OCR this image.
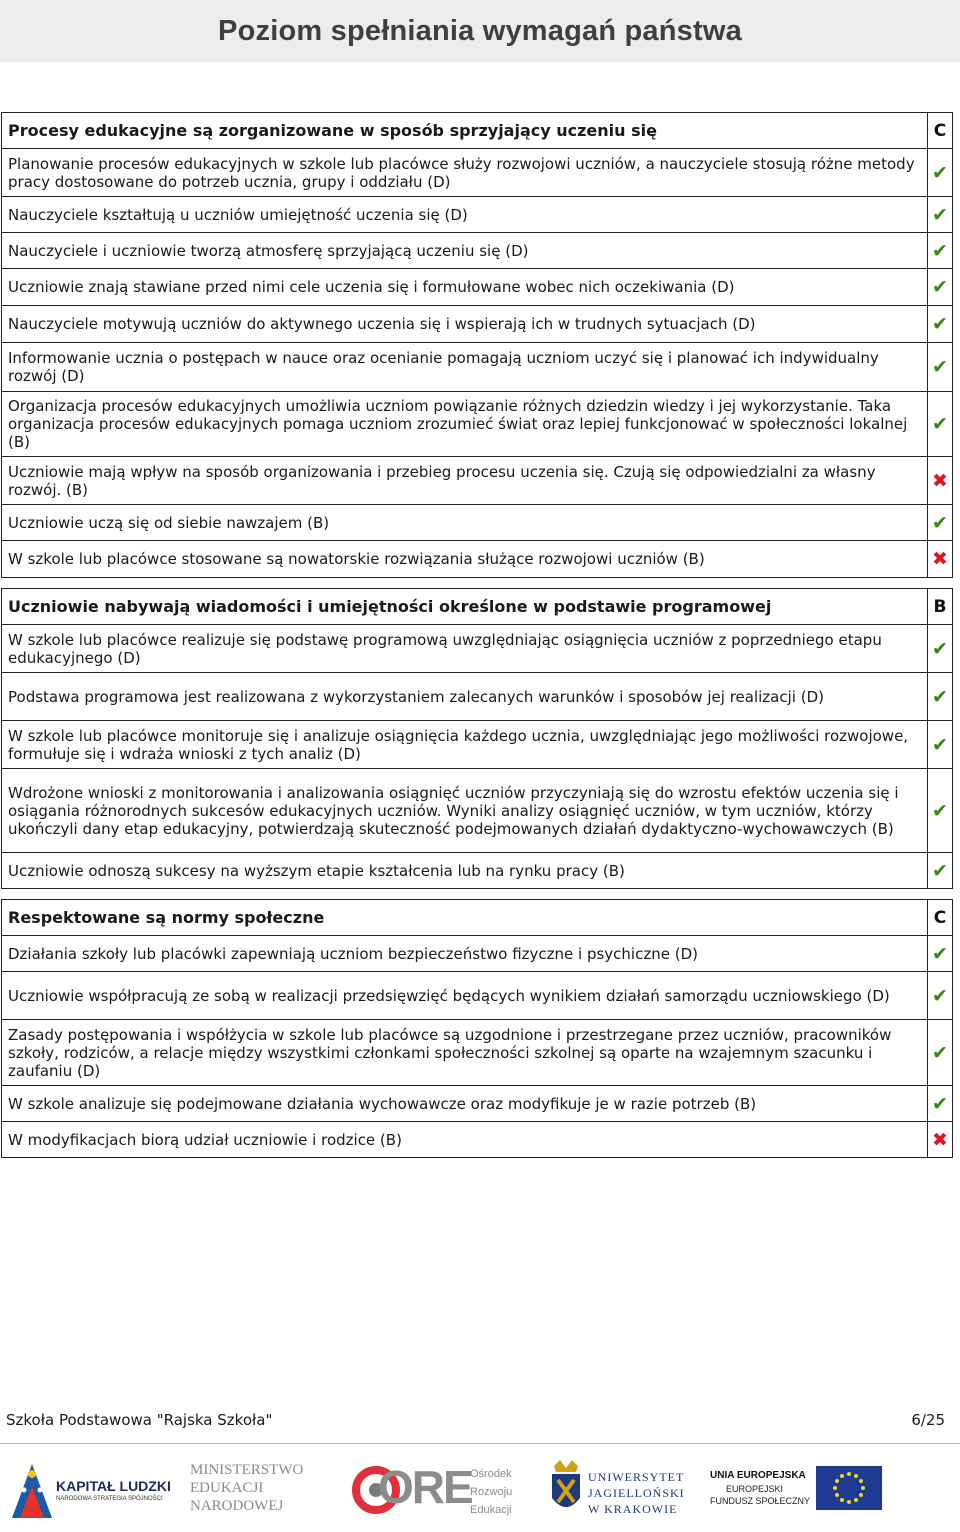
Poziom spełniania wymagań państwa
Procesy edukacyjne są zorganizowane w sposób sprzyjający uczeniu się	C
Planowanie procesów edukacyjnych w szkole lub placówce służy rozwojowi uczniów, a nauczyciele stosują różne metody pracy dostosowane do potrzeb ucznia, grupy i oddziału (D)	✔
Nauczyciele kształtują u uczniów umiejętność uczenia się (D)	✔
Nauczyciele i uczniowie tworzą atmosferę sprzyjającą uczeniu się (D)	✔
Uczniowie znają stawiane przed nimi cele uczenia się i formułowane wobec nich oczekiwania (D)	✔
Nauczyciele motywują uczniów do aktywnego uczenia się i wspierają ich w trudnych sytuacjach (D)	✔
Informowanie ucznia o postępach w nauce oraz ocenianie pomagają uczniom uczyć się i planować ich indywidualny rozwój (D)	✔
Organizacja procesów edukacyjnych umożliwia uczniom powiązanie różnych dziedzin wiedzy i jej wykorzystanie. Taka organizacja procesów edukacyjnych pomaga uczniom zrozumieć świat oraz lepiej funkcjonować w społeczności lokalnej (B)	✔
Uczniowie mają wpływ na sposób organizowania i przebieg procesu uczenia się. Czują się odpowiedzialni za własny rozwój. (B)	✖
Uczniowie uczą się od siebie nawzajem (B)	✔
W szkole lub placówce stosowane są nowatorskie rozwiązania służące rozwojowi uczniów (B)	✖
Uczniowie nabywają wiadomości i umiejętności określone w podstawie programowej	B
W szkole lub placówce realizuje się podstawę programową uwzględniając osiągnięcia uczniów z poprzedniego etapu edukacyjnego (D)	✔
Podstawa programowa jest realizowana z wykorzystaniem zalecanych warunków i sposobów jej realizacji (D)	✔
W szkole lub placówce monitoruje się i analizuje osiągnięcia każdego ucznia, uwzględniając jego możliwości rozwojowe, formułuje się i wdraża wnioski z tych analiz (D)	✔
Wdrożone wnioski z monitorowania i analizowania osiągnięć uczniów przyczyniają się do wzrostu efektów uczenia się i osiągania różnorodnych sukcesów edukacyjnych uczniów. Wyniki analizy osiągnięć uczniów, w tym uczniów, którzy ukończyli dany etap edukacyjny, potwierdzają skuteczność podejmowanych działań dydaktyczno-wychowawczych (B)	✔
Uczniowie odnoszą sukcesy na wyższym etapie kształcenia lub na rynku pracy (B)	✔
Respektowane są normy społeczne	C
Działania szkoły lub placówki zapewniają uczniom bezpieczeństwo fizyczne i psychiczne (D)	✔
Uczniowie współpracują ze sobą w realizacji przedsięwzięć będących wynikiem działań samorządu uczniowskiego (D)	✔
Zasady postępowania i współżycia w szkole lub placówce są uzgodnione i przestrzegane przez uczniów, pracowników szkoły, rodziców, a relacje między wszystkimi członkami społeczności szkolnej są oparte na wzajemnym szacunku i zaufaniu (D)	✔
W szkole analizuje się podejmowane działania wychowawcze oraz modyfikuje je w razie potrzeb (B)	✔
W modyfikacjach biorą udział uczniowie i rodzice (B)	✖
Szkoła Podstawowa "Rajska Szkoła"	6/25
KAPITAŁ LUDZKI
NARODOWA STRATEGIA SPÓJNOŚCI
MINISTERSTWO
EDUKACJI
NARODOWEJ ORE
Ośrodek
Rozwoju
Edukacji
UNIWERSYTET
JAGIELLOŃSKI
W KRAKOWIE
UNIA EUROPEJSKA
EUROPEJSKI
FUNDUSZ SPOŁECZNY
